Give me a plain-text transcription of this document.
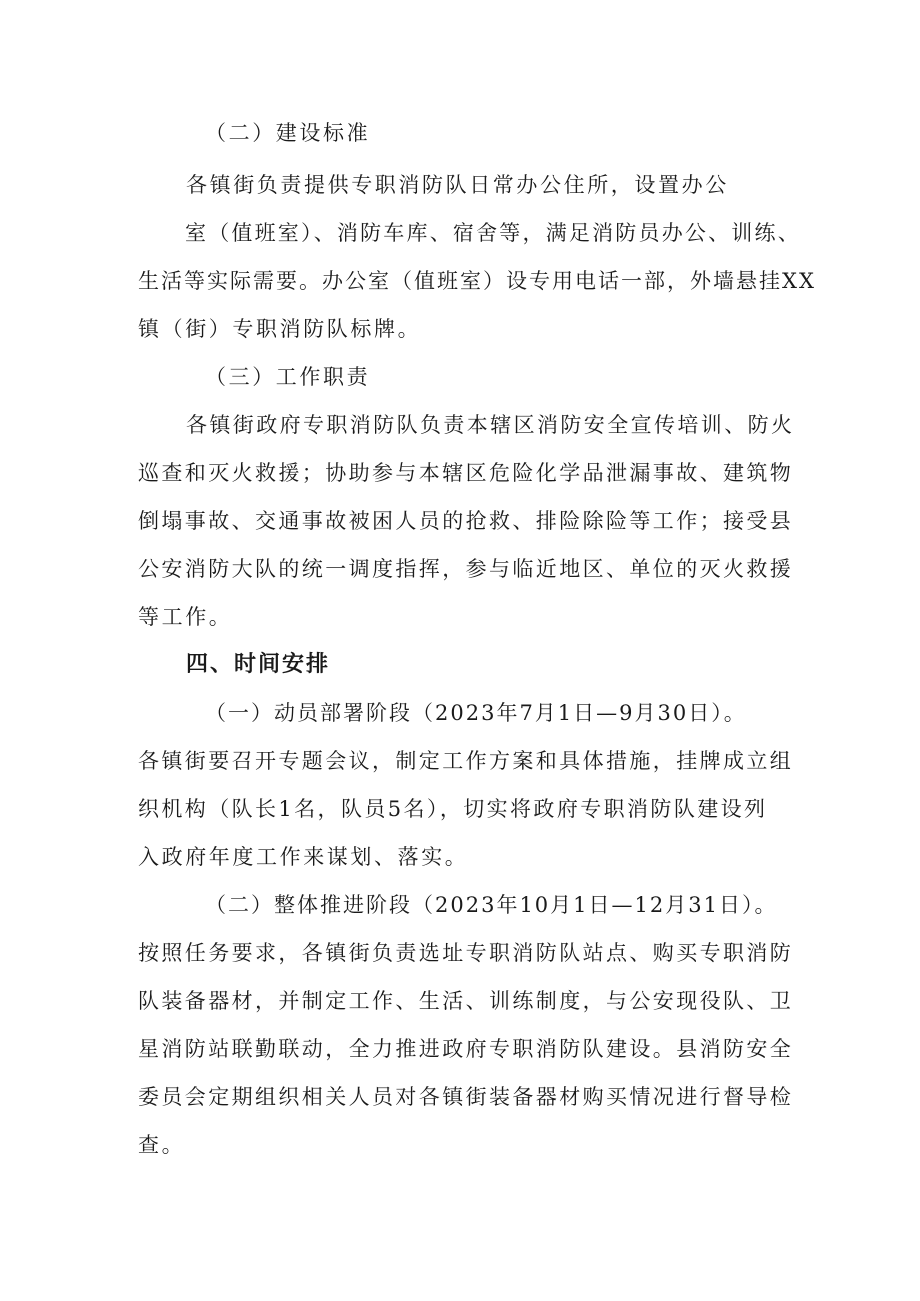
（二）建设标准
各镇街负责提供专职消防队日常办公住所，设置办公
室（值班室）、消防车库、宿舍等，满足消防员办公、训练、
生活等实际需要。办公室（值班室）设专用电话一部，外墙悬挂XX
镇（街）专职消防队标牌。
（三）工作职责
各镇街政府专职消防队负责本辖区消防安全宣传培训、防火
巡查和灭火救援；协助参与本辖区危险化学品泄漏事故、建筑物
倒塌事故、交通事故被困人员的抢救、排险除险等工作；接受县
公安消防大队的统一调度指挥，参与临近地区、单位的灭火救援
等工作。
四、时间安排
（一）动员部署阶段（2023年7月1日—9月30日）。
各镇街要召开专题会议，制定工作方案和具体措施，挂牌成立组
织机构（队长1名，队员5名），切实将政府专职消防队建设列
入政府年度工作来谋划、落实。
（二）整体推进阶段（2023年10月1日—12月31日）。
按照任务要求，各镇街负责选址专职消防队站点、购买专职消防
队装备器材，并制定工作、生活、训练制度，与公安现役队、卫
星消防站联勤联动，全力推进政府专职消防队建设。县消防安全
委员会定期组织相关人员对各镇街装备器材购买情况进行督导检
查。
